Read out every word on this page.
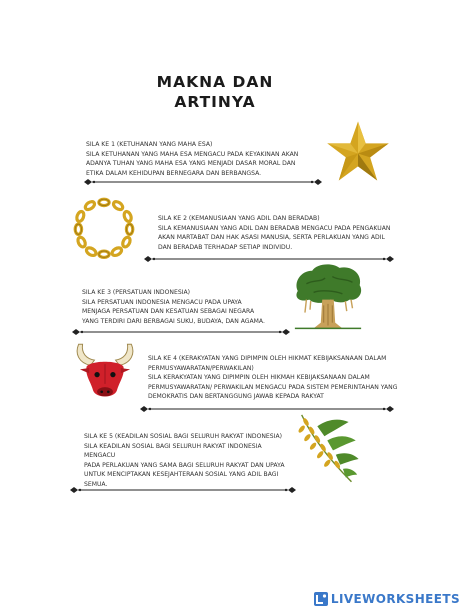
MAKNA DAN
ARTINYA
SILA KE 1 (KETUHANAN YANG MAHA ESA)
SILA KETUHANAN YANG MAHA ESA MENGACU PADA KEYAKINAN AKAN
ADANYA TUHAN YANG MAHA ESA YANG MENJADI DASAR MORAL DAN
ETIKA DALAM KEHIDUPAN BERNEGARA DAN BERBANGSA.
SILA KE 2 (KEMANUSIAAN YANG ADIL DAN BERADAB)
SILA KEMANUSIAAN YANG ADIL DAN BERADAB MENGACU PADA PENGAKUAN
AKAN MARTABAT DAN HAK ASASI MANUSIA, SERTA PERLAKUAN YANG ADIL
DAN BERADAB TERHADAP SETIAP INDIVIDU.
SILA KE 3 (PERSATUAN INDONESIA)
SILA PERSATUAN INDONESIA MENGACU PADA UPAYA
MENJAGA PERSATUAN DAN KESATUAN SEBAGAI NEGARA
YANG TERDIRI DARI BERBAGAI SUKU, BUDAYA, DAN AGAMA.
SILA KE 4 (KERAKYATAN YANG DIPIMPIN OLEH HIKMAT KEBIJAKSANAAN DALAM
PERMUSYAWARATAN/PERWAKILAN)
SILA KERAKYATAN YANG DIPIMPIN OLEH HIKMAH KEBIJAKSANAAN DALAM
PERMUSYAWARATAN/ PERWAKILAN MENGACU PADA SISTEM PEMERINTAHAN YANG
DEMOKRATIS DAN BERTANGGUNG JAWAB KEPADA RAKYAT
SILA KE 5 (KEADILAN SOSIAL BAGI SELURUH RAKYAT INDONESIA)
SILA KEADILAN SOSIAL BAGI SELURUH RAKYAT INDONESIA MENGACU
PADA PERLAKUAN YANG SAMA BAGI SELURUH RAKYAT DAN UPAYA
UNTUK MENCIPTAKAN KESEJAHTERAAN SOSIAL YANG ADIL BAGI
SEMUA.
LIVEWORKSHEETS
